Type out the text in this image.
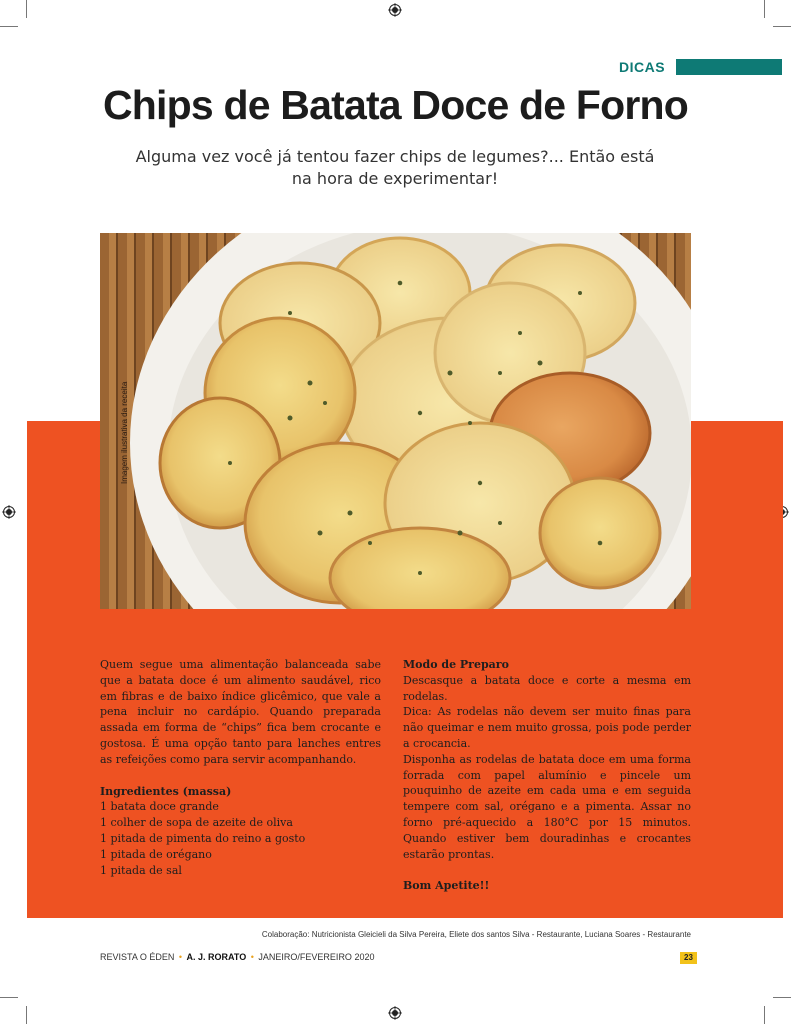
DICAS
Chips de Batata Doce de Forno
Alguma vez você já tentou fazer chips de legumes?... Então está na hora de experimentar!
Imagem ilustrativa da receita

Quem segue uma alimentação balanceada sabe que a batata doce é um alimento saudável, rico em fibras e de baixo índice glicêmico, que vale a pena incluir no cardápio. Quando preparada assada em forma de “chips” fica bem crocante e gostosa. É uma opção tanto para lanches entres as refeições como para servir acompanhando.

Ingredientes (massa)

1 batata doce grande
1 colher de sopa de azeite de oliva
1 pitada de pimenta do reino a gosto
1 pitada de orégano
1 pitada de sal

Modo de Preparo

Descasque a batata doce e corte a mesma em rodelas.

Dica: As rodelas não devem ser muito finas para não queimar e nem muito grossa, pois pode perder a crocancia.

Disponha as rodelas de batata doce em uma forma forrada com papel alumínio e pincele um pouquinho de azeite em cada uma e em seguida tempere com sal, orégano e a pimenta. Assar no forno pré-aquecido a 180°C por 15 minutos. Quando estiver bem douradinhas e crocantes estarão prontas.

Bom Apetite!!

Colaboração: Nutricionista Gleicieli da Silva Pereira, Eliete dos santos Silva - Restaurante, Luciana Soares - Restaurante
REVISTA O ÉDEN • A. J. RORATO • JANEIRO/FEVEREIRO 2020	23
